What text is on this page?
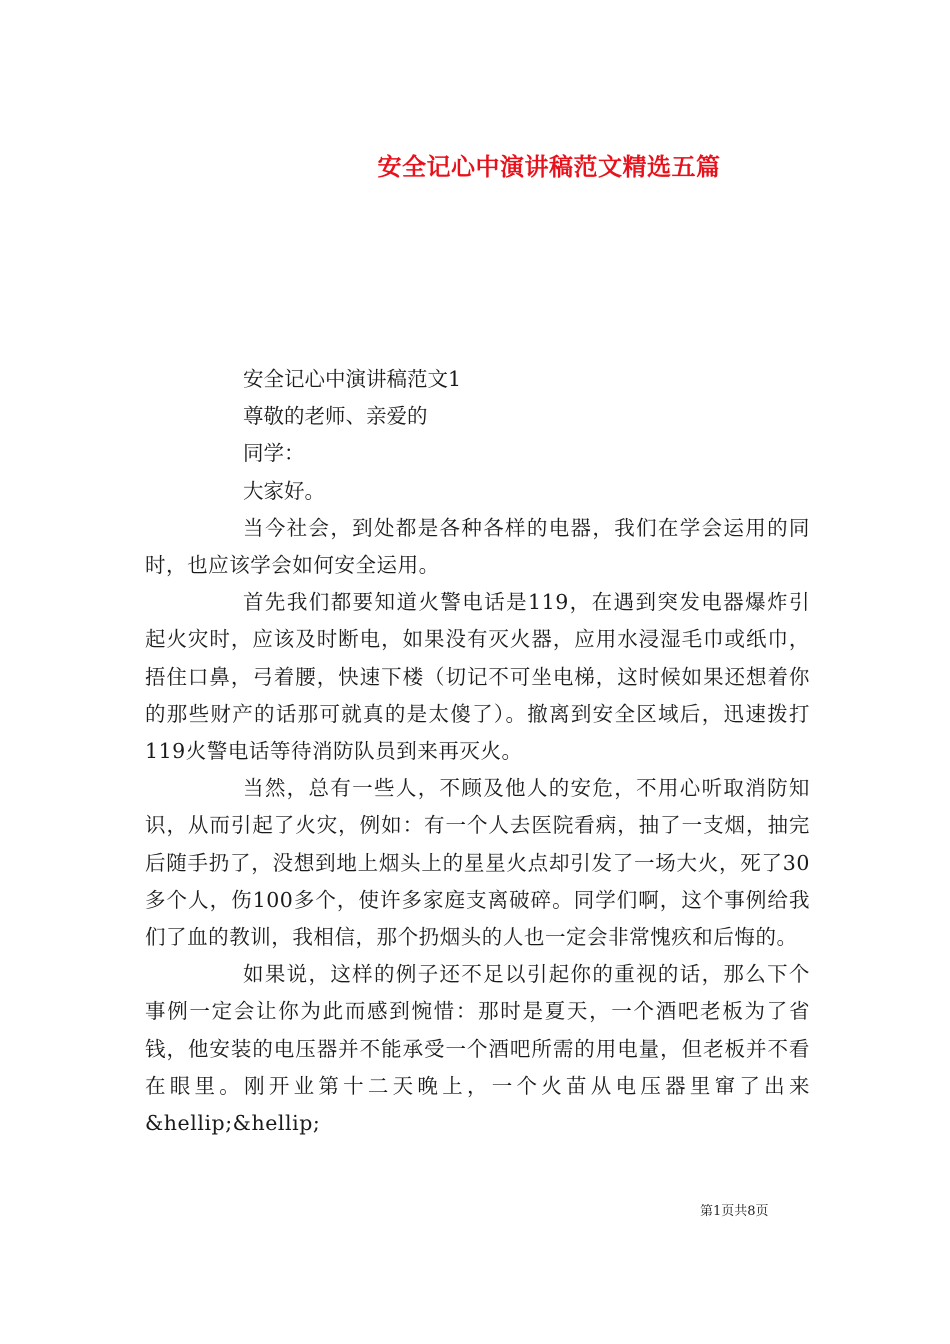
安全记心中演讲稿范文精选五篇

安全记心中演讲稿范文1

尊敬的老师、亲爱的

同学：

大家好。

当今社会，到处都是各种各样的电器，我们在学会运用的同时，也应该学会如何安全运用。

首先我们都要知道火警电话是119，在遇到突发电器爆炸引起火灾时，应该及时断电，如果没有灭火器，应用水浸湿毛巾或纸巾，捂住口鼻，弓着腰，快速下楼（切记不可坐电梯，这时候如果还想着你的那些财产的话那可就真的是太傻了）。撤离到安全区域后，迅速拨打119火警电话等待消防队员到来再灭火。

当然，总有一些人，不顾及他人的安危，不用心听取消防知识，从而引起了火灾，例如：有一个人去医院看病，抽了一支烟，抽完后随手扔了，没想到地上烟头上的星星火点却引发了一场大火，死了30多个人，伤100多个，使许多家庭支离破碎。同学们啊，这个事例给我们了血的教训，我相信，那个扔烟头的人也一定会非常愧疚和后悔的。

如果说，这样的例子还不足以引起你的重视的话，那么下个事例一定会让你为此而感到惋惜：那时是夏天，一个酒吧老板为了省钱，他安装的电压器并不能承受一个酒吧所需的用电量，但老板并不看在眼里。刚开业第十二天晚上，一个火苗从电压器里窜了出来&hellip;&hellip;

第1页共8页
